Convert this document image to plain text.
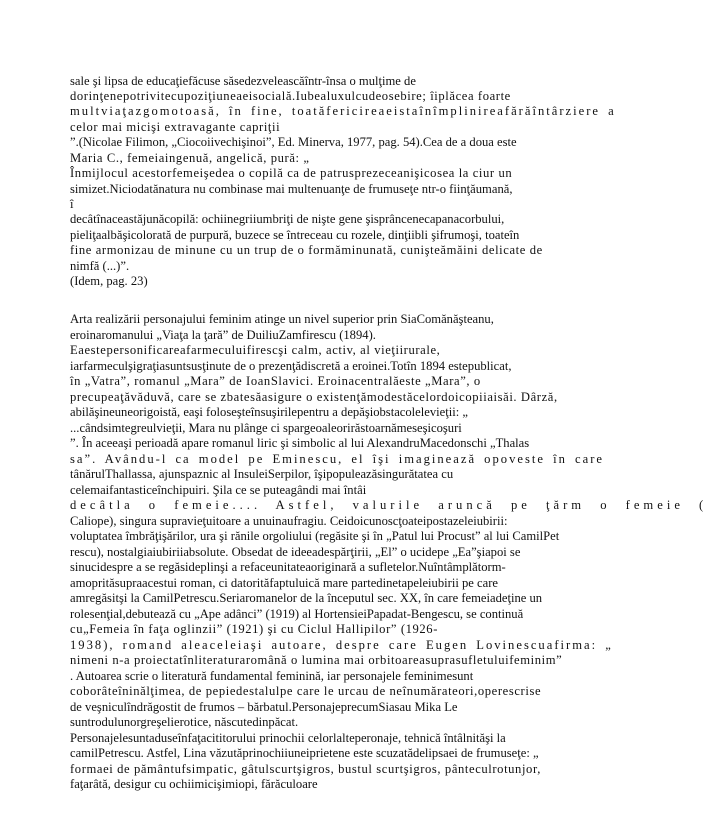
sale şi lipsa de educaţiefăcuse săsedezveleascăîntr-însa o mulţime de
dorinţenepotrivitecupoziţiuneaeisocială.Iubealuxulcudeosebire; îiplăcea foarte
multviaţazgomotoasă, în fine, toatăfericireaeistaînîmplinireafărăîntârziere a
celor mai micişi extravagante capriţii
”.(Nicolae Filimon, „Ciocoiivechişinoi”, Ed. Minerva, 1977, pag. 54).Cea de a doua este
Maria C., femeiaingenuă, angelică, pură: „
Înmijlocul acestorfemeişedea o copilă ca de patrusprezeceanişicosea la ciur un
simizet.Niciodatănatura nu combinase mai multenuanţe de frumuseţe ntr-o fiinţăumană,
î
decâtînaceastăjunăcopilă: ochiinegriiumbriţi de nişte gene şisprâncenecapanacorbului,
pieliţaalbăşicolorată de purpură, buzece se întreceau cu rozele, dinţiibli şifrumoşi, toateîn
fine armonizau de minune cu un trup de o formăminunată, cunişteămăini delicate de
nimfă (...)”.
(Idem, pag. 23)
Arta realizării personajului feminim atinge un nivel superior prin SiaComănăşteanu,
eroinaromanului „Viaţa la ţară” de DuiliuZamfirescu (1894).
Eaestepersonificareafarmeculuifirescşi calm, activ, al vieţiirurale,
iarfarmeculşigraţiasuntsusţinute de o prezenţădiscretă a eroinei.Totîn 1894 estepublicat,
în „Vatra”, romanul „Mara” de IoanSlavici. Eroinacentralăeste „Mara”, o
precupeaţăvăduvă, care se zbatesăasigure o existenţămodestăcelordoicopiiaisăi. Dârză,
abilăşineuneorigoistă, eaşi foloseşteînsuşirilepentru a depăşiobstacolelevieţii: „
...cândsimtegreulvieţii, Mara nu plânge ci spargeoaleorirăstoarnămeseşicoşuri
”. În aceeaşi perioadă apare romanul liric şi simbolic al lui AlexandruMacedonschi „Thalas
sa”. Avându-l ca model pe Eminescu, el îşi imaginează opoveste în care
tânărulThallassa, ajunspaznic al InsuleiSerpilor, îşipopuleazăsingurătatea cu
celemaifantasticeînchipuiri. Şila ce se puteagândi mai întâi
decâtla o femeie.... Astfel, valurile aruncă pe ţărm o femeie (
Caliope), singura supravieţuitoare a unuinaufragiu. Ceidoicunoscţoateipostazeleiubirii:
voluptatea îmbrăţişărilor, ura şi rănile orgoliului (regăsite şi în „Patul lui Procust” al lui CamilPet
rescu), nostalgiaiubiriiabsolute. Obsedat de ideeadespărţirii, „El” o ucidepe „Ea”şiapoi se
sinucidespre a se regăsideplinşi a refaceunitateaoriginară a sufletelor.Nuîntâmplătorm-
amoprităsupraacestui roman, ci datorităfaptuluică mare partedinetapeleiubirii pe care
amregăsitşi la CamilPetrescu.Seriaromanelor de la începutul sec. XX, în care femeiadeţine un
rolesenţial,debutează cu „Ape adânci” (1919) al HortensieiPapadat-Bengescu, se continuă
cu„Femeia în faţa oglinzii” (1921) şi cu Ciclul Hallipilor” (1926-
1938), romand aleaceleiaşi autoare, despre care Eugen Lovinescuafirma: „
nimeni n-a proiectatînliteraturaromână o lumina mai orbitoareasuprasufletuluifeminim”
. Autoarea scrie o literatură fundamental feminină, iar personajele feminimesunt
coborâteîninălţimea, de pepiedestalulpe care le urcau de neînumărateori,operescrise
de veşniculîndrăgostit de frumos – bărbatul.PersonajeprecumSiasau Mika Le
suntrodulunorgreşelierotice, născutedinpăcat.
Personajelesuntaduseînfaţacititorului prinochii celorlalteperonaje, tehnică întâlnităşi la
camilPetrescu. Astfel, Lina văzutăprinochiiuneiprietene este scuzatădelipsaei de frumuseţe: „
formaei de pământufsimpatic, gâtulscurtşigros, bustul scurtşigros, pânteculrotunjor,
faţarâtă, desigur cu ochiimicişimiopi, fărăculoare
